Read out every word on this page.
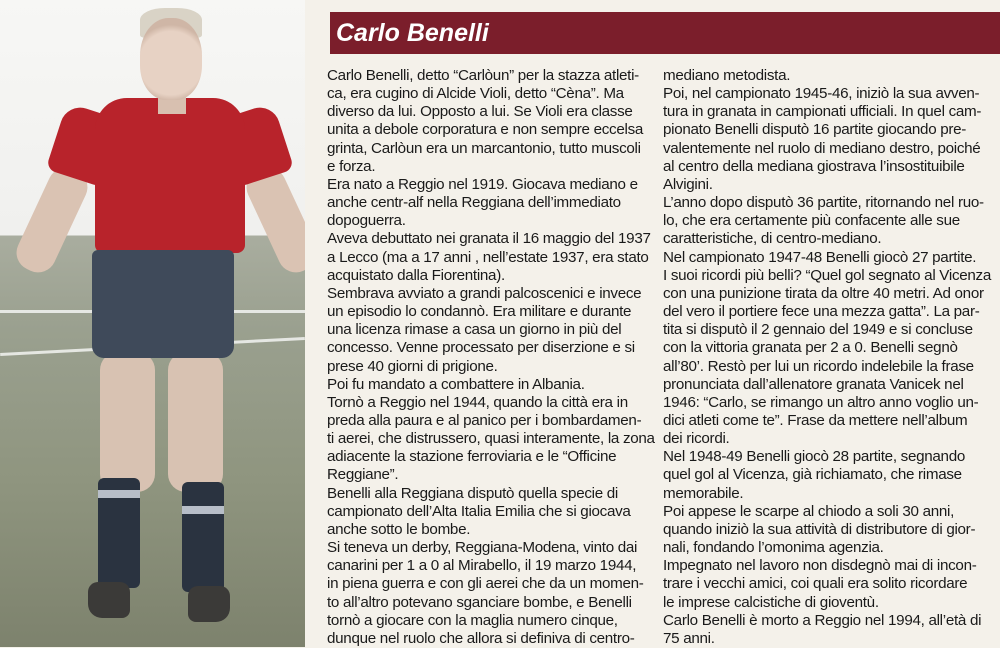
Carlo Benelli
Carlo Benelli, detto “Carlòun” per la stazza atleti-
ca, era cugino di Alcide Violi, detto “Cèna”. Ma
diverso da lui. Opposto a lui. Se Violi era classe
unita a debole corporatura e non sempre eccelsa
grinta, Carlòun era un marcantonio, tutto muscoli
e forza.
Era nato a Reggio nel 1919. Giocava mediano e
anche centr-alf nella Reggiana dell’immediato
dopoguerra.
Aveva debuttato nei granata il 16 maggio del 1937
a Lecco (ma a 17 anni , nell’estate 1937, era stato
acquistato dalla Fiorentina).
Sembrava avviato a grandi palcoscenici e invece
un episodio lo condannò. Era militare e durante
una licenza rimase a casa un giorno in più del
concesso. Venne processato per diserzione e si
prese 40 giorni di prigione.
Poi fu mandato a combattere in Albania.
Tornò a Reggio nel 1944, quando la città era in
preda alla paura e al panico per i bombardamen-
ti aerei, che distrussero, quasi interamente, la zona
adiacente la stazione ferroviaria e le “Officine
Reggiane”.
Benelli alla Reggiana disputò quella specie di
campionato dell’Alta Italia Emilia che si giocava
anche sotto le bombe.
Si teneva un derby, Reggiana-Modena, vinto dai
canarini per 1 a 0 al Mirabello, il 19 marzo 1944,
in piena guerra e con gli aerei che da un momen-
to all’altro potevano sganciare bombe, e Benelli
tornò a giocare con la maglia numero cinque,
dunque nel ruolo che allora si definiva di centro-
mediano metodista.
Poi, nel campionato 1945-46, iniziò la sua avven-
tura in granata in campionati ufficiali. In quel cam-
pionato Benelli disputò 16 partite giocando pre-
valentemente nel ruolo di mediano destro, poiché
al centro della mediana giostrava l’insostituibile
Alvigini.
L’anno dopo disputò 36 partite, ritornando nel ruo-
lo, che era certamente più confacente alle sue
caratteristiche, di centro-mediano.
Nel campionato 1947-48 Benelli giocò 27 partite.
I suoi ricordi più belli? “Quel gol segnato al Vicenza
con una punizione tirata da oltre 40 metri. Ad onor
del vero il portiere fece una mezza gatta”. La par-
tita si disputò il 2 gennaio del 1949 e si concluse
con la vittoria granata per 2 a 0. Benelli segnò
all’80’. Restò per lui un ricordo indelebile la frase
pronunciata dall’allenatore granata Vanicek nel
1946: “Carlo, se rimango un altro anno voglio un-
dici atleti come te”. Frase da mettere nell’album
dei ricordi.
Nel 1948-49 Benelli giocò 28 partite, segnando
quel gol al Vicenza, già richiamato, che rimase
memorabile.
Poi appese le scarpe al chiodo a soli 30 anni,
quando iniziò la sua attività di distributore di gior-
nali, fondando l’omonima agenzia.
Impegnato nel lavoro non disdegnò mai di incon-
trare i vecchi amici, coi quali era solito ricordare
le imprese calcistiche di gioventù.
Carlo Benelli è morto a Reggio nel 1994, all’età di
75 anni.
